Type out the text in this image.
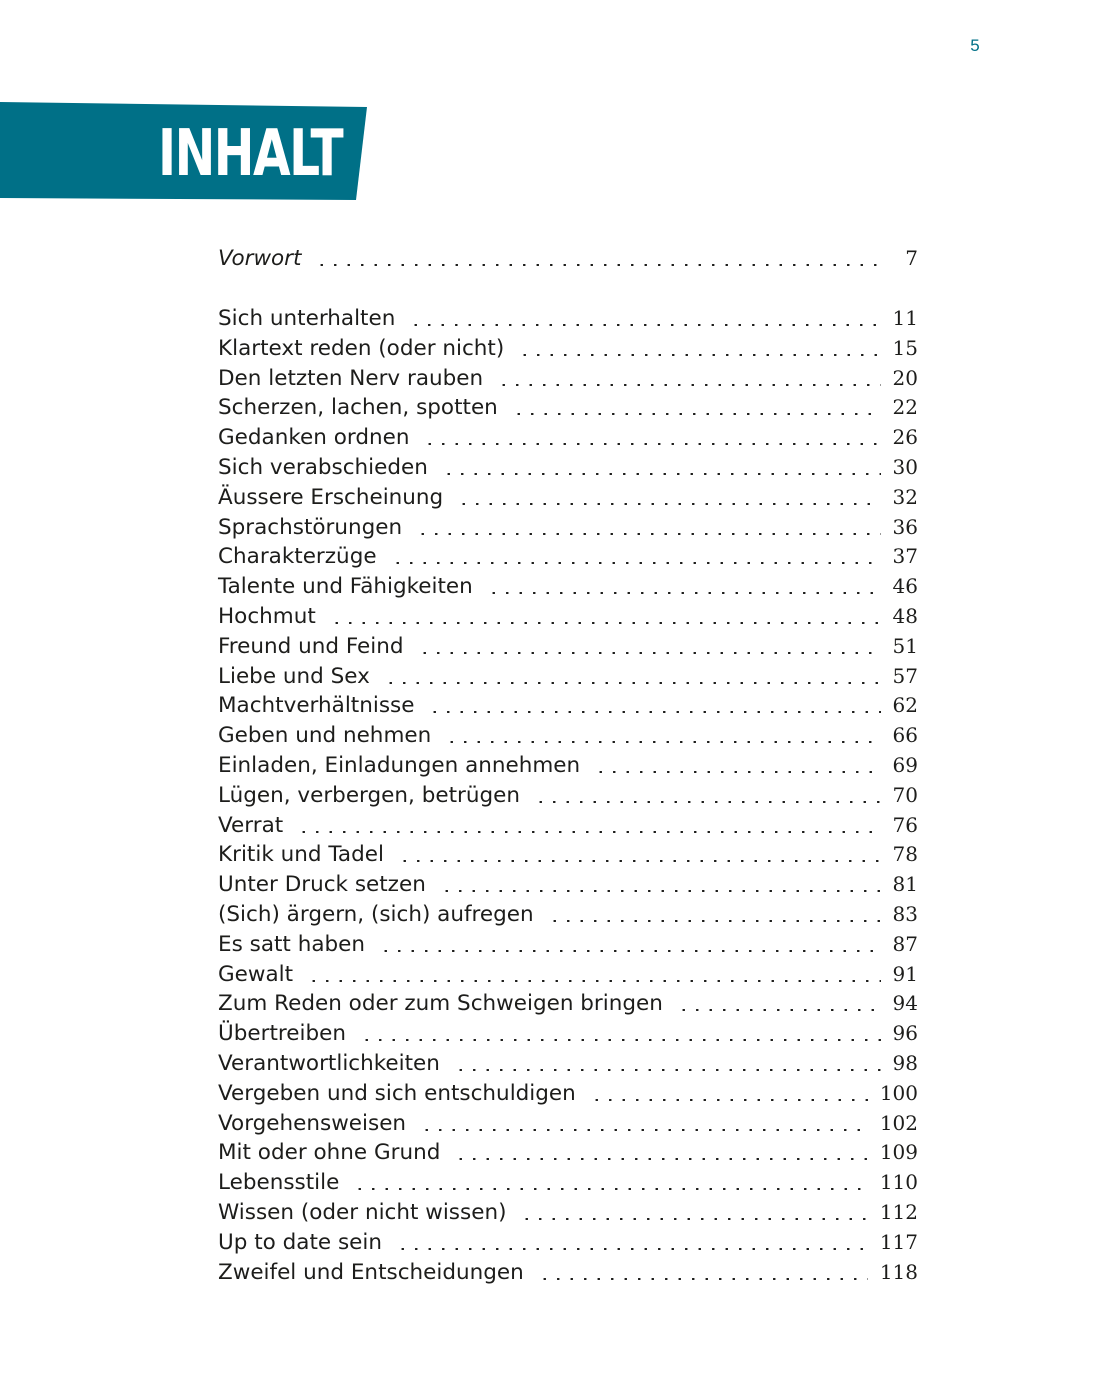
5
INHALT
Vorwort	7
Sich unterhalten	11
Klartext reden (oder nicht)	15
Den letzten Nerv rauben	20
Scherzen, lachen, spotten	22
Gedanken ordnen	26
Sich verabschieden	30
Äussere Erscheinung	32
Sprachstörungen	36
Charakterzüge	37
Talente und Fähigkeiten	46
Hochmut	48
Freund und Feind	51
Liebe und Sex	57
Machtverhältnisse	62
Geben und nehmen	66
Einladen, Einladungen annehmen	69
Lügen, verbergen, betrügen	70
Verrat	76
Kritik und Tadel	78
Unter Druck setzen	81
(Sich) ärgern, (sich) aufregen	83
Es satt haben	87
Gewalt	91
Zum Reden oder zum Schweigen bringen	94
Übertreiben	96
Verantwortlichkeiten	98
Vergeben und sich entschuldigen	100
Vorgehensweisen	102
Mit oder ohne Grund	109
Lebensstile	110
Wissen (oder nicht wissen)	112
Up to date sein	117
Zweifel und Entscheidungen	118
